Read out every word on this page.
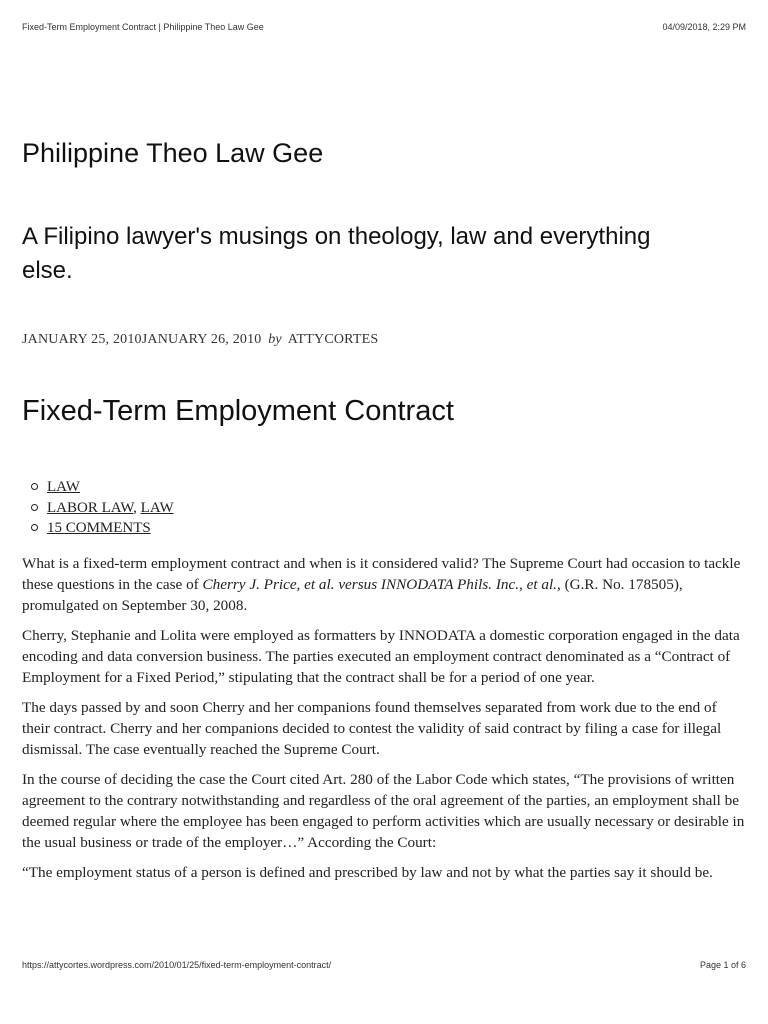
Fixed-Term Employment Contract | Philippine Theo Law Gee	04/09/2018, 2:29 PM
Philippine Theo Law Gee

A Filipino lawyer's musings on theology, law and everything else.

JANUARY 25, 2010JANUARY 26, 2010 by ATTYCORTES
Fixed-Term Employment Contract
LAW
LABOR LAW, LAW
15 COMMENTS

What is a fixed-term employment contract and when is it considered valid? The Supreme Court had occasion to tackle these questions in the case of Cherry J. Price, et al. versus INNODATA Phils. Inc., et al., (G.R. No. 178505), promulgated on September 30, 2008.

Cherry, Stephanie and Lolita were employed as formatters by INNODATA a domestic corporation engaged in the data encoding and data conversion business. The parties executed an employment contract denominated as a “Contract of Employment for a Fixed Period,” stipulating that the contract shall be for a period of one year.

The days passed by and soon Cherry and her companions found themselves separated from work due to the end of their contract. Cherry and her companions decided to contest the validity of said contract by filing a case for illegal dismissal. The case eventually reached the Supreme Court.

In the course of deciding the case the Court cited Art. 280 of the Labor Code which states, “The provisions of written agreement to the contrary notwithstanding and regardless of the oral agreement of the parties, an employment shall be deemed regular where the employee has been engaged to perform activities which are usually necessary or desirable in the usual business or trade of the employer…” According the Court:

“The employment status of a person is defined and prescribed by law and not by what the parties say it should be.
https://attycortes.wordpress.com/2010/01/25/fixed-term-employment-contract/	Page 1 of 6
